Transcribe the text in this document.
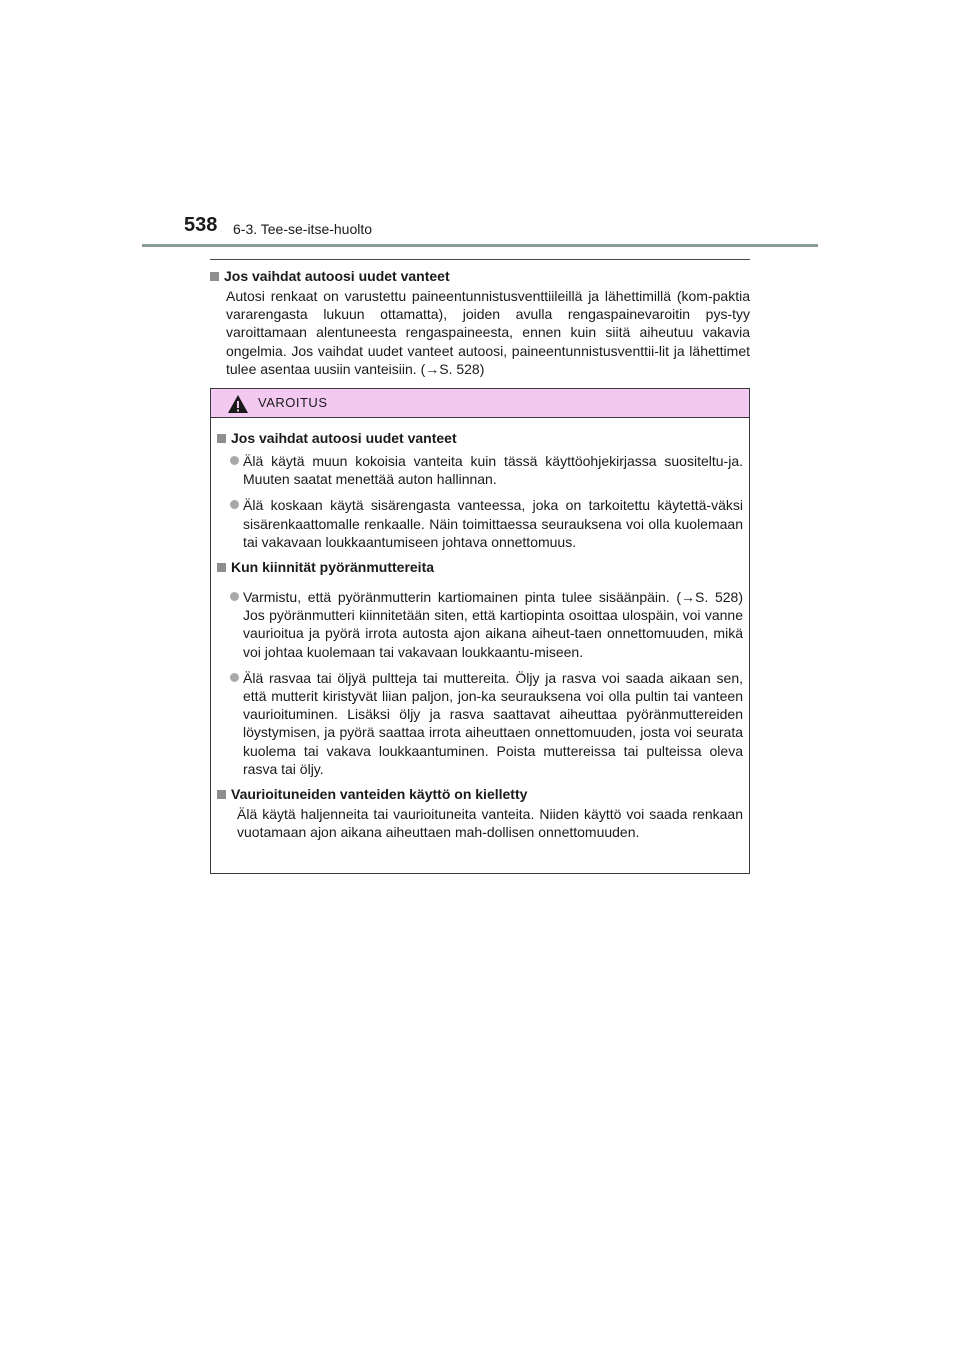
538 6-3. Tee-se-itse-huolto
Jos vaihdat autoosi uudet vanteet
Autosi renkaat on varustettu paineentunnistusventtiileillä ja lähettimillä (kom-paktia vararengasta lukuun ottamatta), joiden avulla rengaspainevaroitin pys-tyy varoittamaan alentuneesta rengaspaineesta, ennen kuin siitä aiheutuu vakavia ongelmia. Jos vaihdat uudet vanteet autoosi, paineentunnistusventtii-lit ja lähettimet tulee asentaa uusiin vanteisiin. (→S. 528)
VAROITUS
Jos vaihdat autoosi uudet vanteet
Älä käytä muun kokoisia vanteita kuin tässä käyttöohjekirjassa suositeltu-ja. Muuten saatat menettää auton hallinnan.
Älä koskaan käytä sisärengasta vanteessa, joka on tarkoitettu käytettä-väksi sisärenkaattomalle renkaalle. Näin toimittaessa seurauksena voi olla kuolemaan tai vakavaan loukkaantumiseen johtava onnettomuus.
Kun kiinnität pyöränmuttereita
Varmistu, että pyöränmutterin kartiomainen pinta tulee sisäänpäin. (→S. 528) Jos pyöränmutteri kiinnitetään siten, että kartiopinta osoittaa ulospäin, voi vanne vaurioitua ja pyörä irrota autosta ajon aikana aiheut-taen onnettomuuden, mikä voi johtaa kuolemaan tai vakavaan loukkaantu-miseen.
Älä rasvaa tai öljyä pultteja tai muttereita. Öljy ja rasva voi saada aikaan sen, että mutterit kiristyvät liian paljon, jon-ka seurauksena voi olla pultin tai vanteen vaurioituminen. Lisäksi öljy ja rasva saattavat aiheuttaa pyöränmuttereiden löystymisen, ja pyörä saattaa irrota aiheuttaen onnettomuuden, josta voi seurata kuolema tai vakava loukkaantuminen. Poista muttereissa tai pulteissa oleva rasva tai öljy.
Vaurioituneiden vanteiden käyttö on kielletty
Älä käytä haljenneita tai vaurioituneita vanteita. Niiden käyttö voi saada renkaan vuotamaan ajon aikana aiheuttaen mah-dollisen onnettomuuden.
